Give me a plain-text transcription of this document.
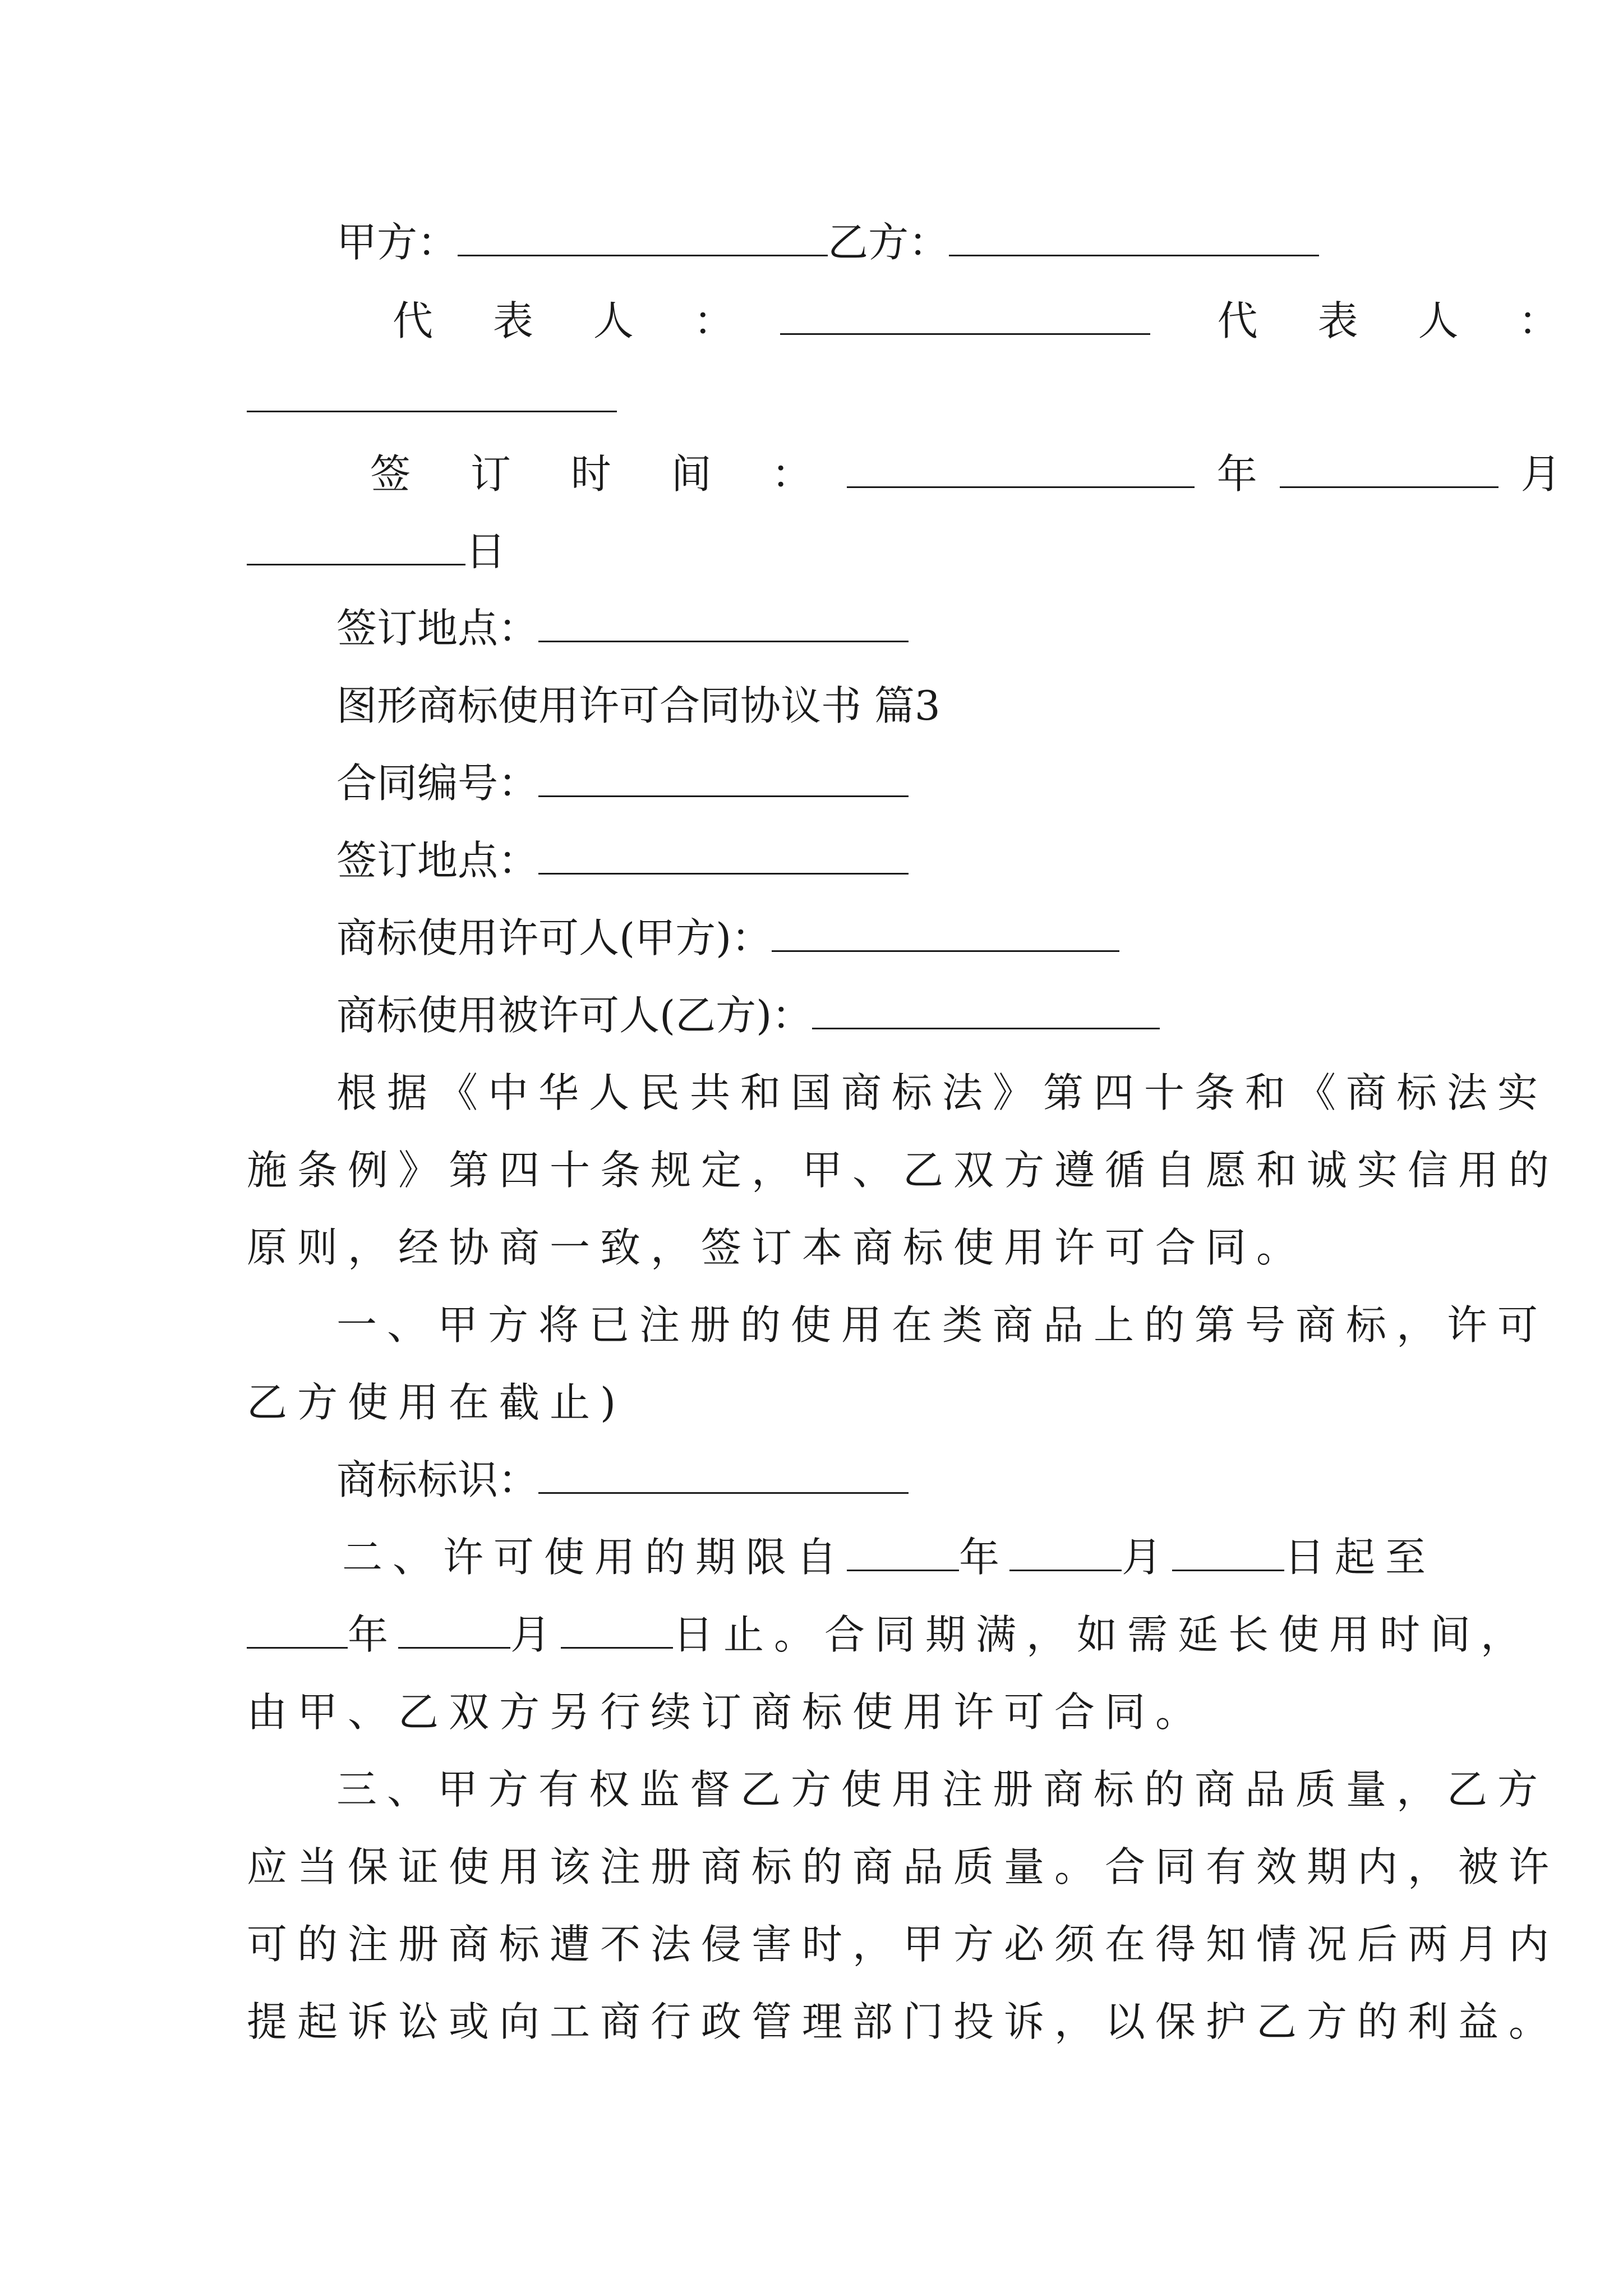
甲方：	乙方：
代 表 人 ：	代 表 人 ：
签 订 时 间 ：	年	月
日
签订地点：
图形商标使用许可合同协议书 篇3
合同编号：
签订地点：
商标使用许可人(甲方)：
商标使用被许可人(乙方)：
根据《中华人民共和国商标法》第四十条和《商标法实
施条例》第四十条规定，甲、乙双方遵循自愿和诚实信用的
原则，经协商一致，签订本商标使用许可合同。
一、甲方将已注册的使用在类商品上的第号商标，许可
乙方使用在截止)
商标标识：
二、许可使用的期限自	年	月	日起至
年	月	日止。合同期满，如需延长使用时间，
由甲、乙双方另行续订商标使用许可合同。
三、甲方有权监督乙方使用注册商标的商品质量，乙方
应当保证使用该注册商标的商品质量。合同有效期内，被许
可的注册商标遭不法侵害时，甲方必须在得知情况后两月内
提起诉讼或向工商行政管理部门投诉，以保护乙方的利益。
